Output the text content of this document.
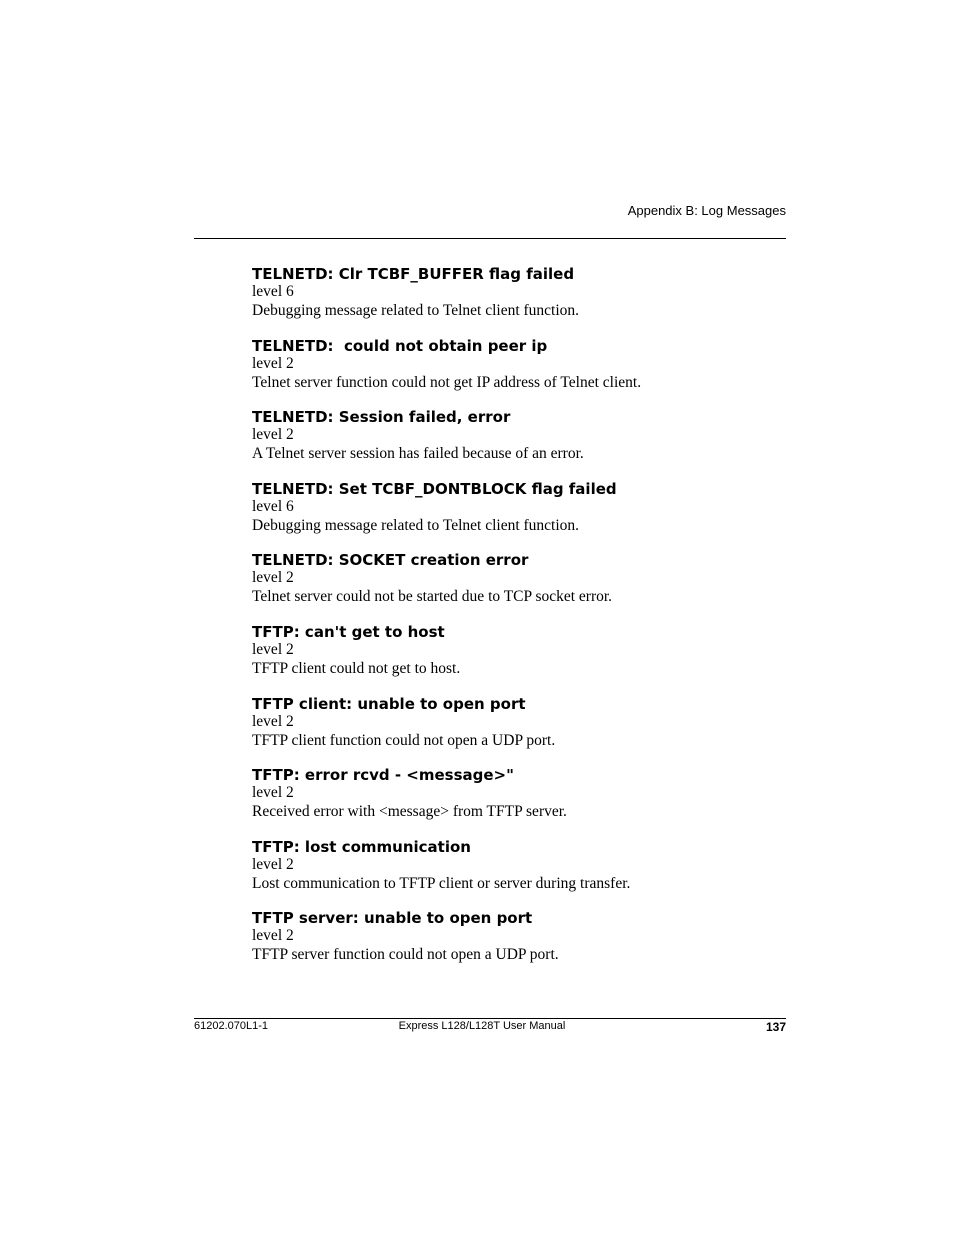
Appendix B: Log Messages

TELNETD: Clr TCBF_BUFFER flag failed

level 6

Debugging message related to Telnet client function.

TELNETD:  could not obtain peer ip

level 2

Telnet server function could not get IP address of Telnet client.

TELNETD: Session failed, error

level 2

A Telnet server session has failed because of an error.

TELNETD: Set TCBF_DONTBLOCK flag failed

level 6

Debugging message related to Telnet client function.

TELNETD: SOCKET creation error

level 2

Telnet server could not be started due to TCP socket error.

TFTP: can't get to host

level 2

TFTP client could not get to host.

TFTP client: unable to open port

level 2

TFTP client function could not open a UDP port.

TFTP: error rcvd - <message>"

level 2

Received error with <message> from TFTP server.

TFTP: lost communication

level 2

Lost communication to TFTP client or server during transfer.

TFTP server: unable to open port

level 2

TFTP server function could not open a UDP port.

61202.070L1-1	Express L128/L128T User Manual	137
